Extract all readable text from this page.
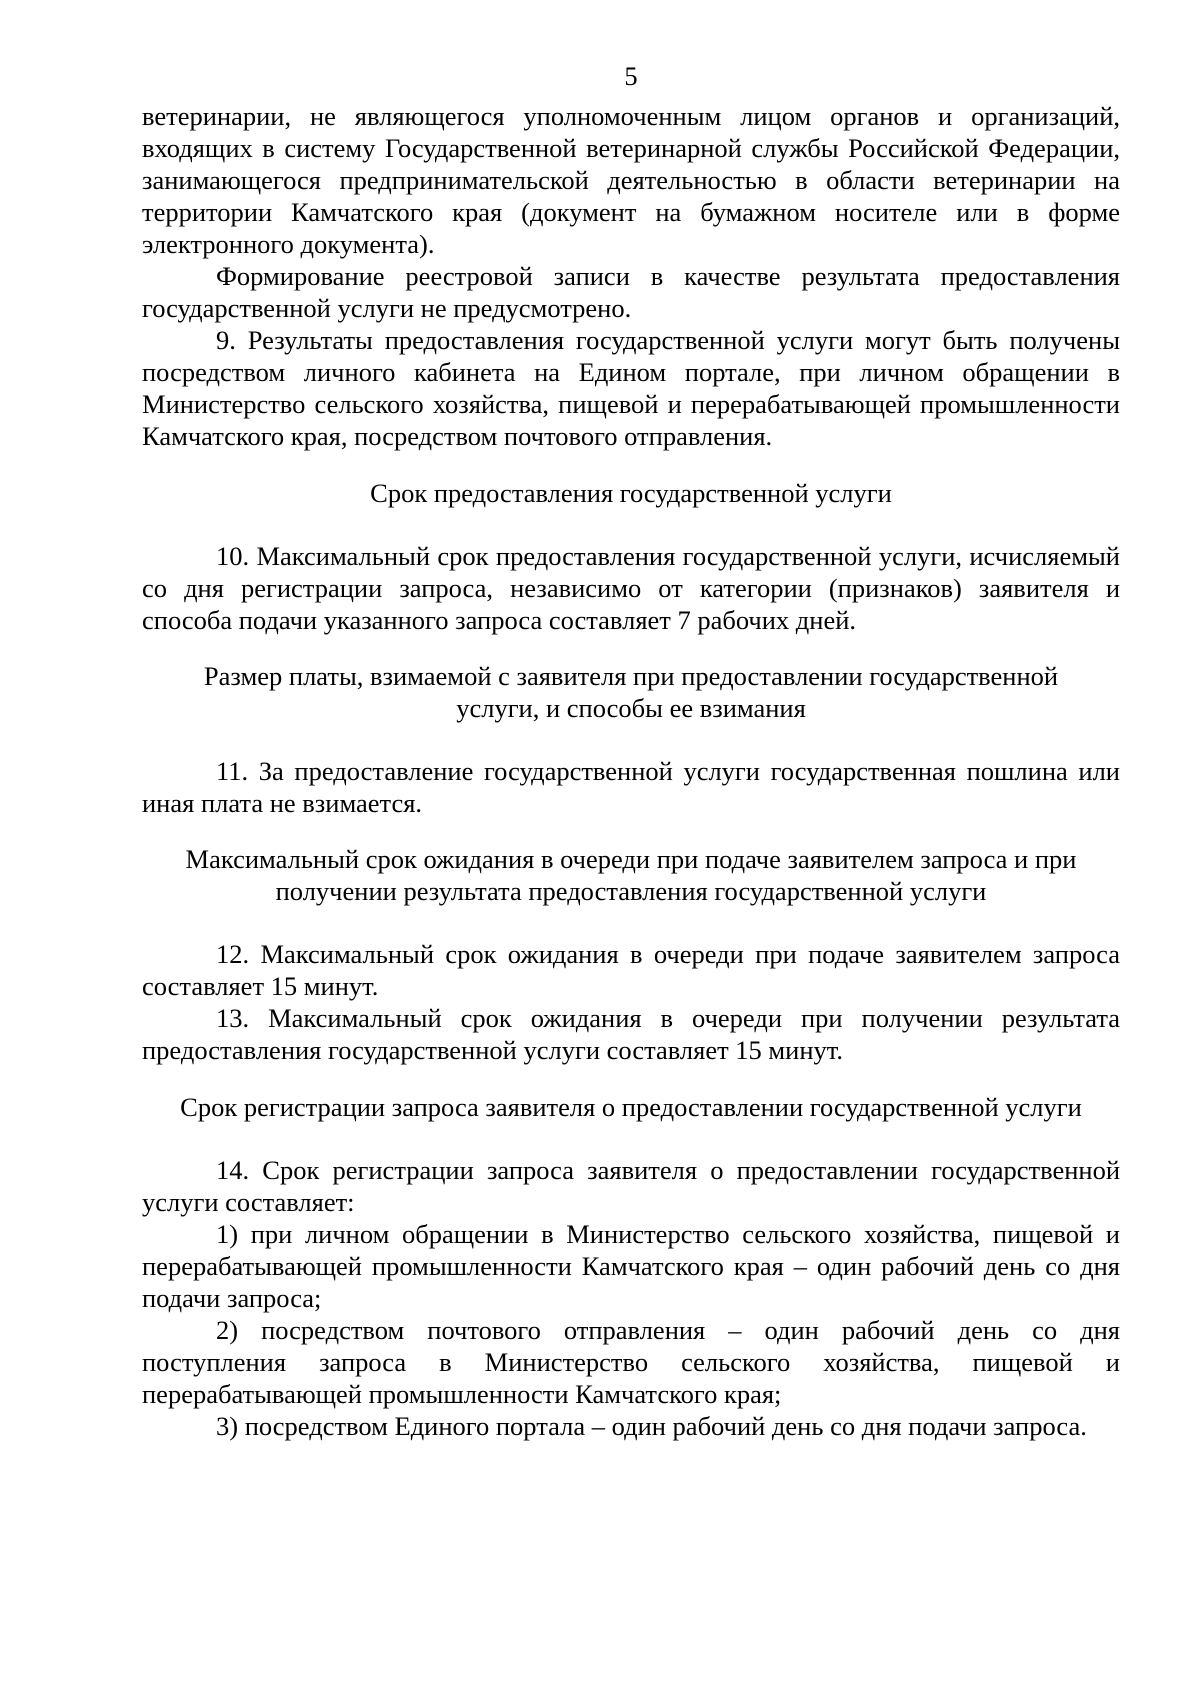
5

ветеринарии, не являющегося уполномоченным лицом органов и организаций, входящих в систему Государственной ветеринарной службы Российской Федерации, занимающегося предпринимательской деятельностью в области ветеринарии на территории Камчатского края (документ на бумажном носителе или в форме электронного документа).

Формирование реестровой записи в качестве результата предоставления государственной услуги не предусмотрено.

9. Результаты предоставления государственной услуги могут быть получены посредством личного кабинета на Едином портале, при личном обращении в Министерство сельского хозяйства, пищевой и перерабатывающей промышленности Камчатского края, посредством почтового отправления.

Срок предоставления государственной услуги

10. Максимальный срок предоставления государственной услуги, исчисляемый со дня регистрации запроса, независимо от категории (признаков) заявителя и способа подачи указанного запроса составляет 7 рабочих дней.

Размер платы, взимаемой с заявителя при предоставлении государственной услуги, и способы ее взимания

11. За предоставление государственной услуги государственная пошлина или иная плата не взимается.

Максимальный срок ожидания в очереди при подаче заявителем запроса и при получении результата предоставления государственной услуги

12. Максимальный срок ожидания в очереди при подаче заявителем запроса составляет 15 минут.

13. Максимальный срок ожидания в очереди при получении результата предоставления государственной услуги составляет 15 минут.

Срок регистрации запроса заявителя о предоставлении государственной услуги

14. Срок регистрации запроса заявителя о предоставлении государственной услуги составляет:

1) при личном обращении в Министерство сельского хозяйства, пищевой и перерабатывающей промышленности Камчатского края – один рабочий день со дня подачи запроса;

2) посредством почтового отправления – один рабочий день со дня поступления запроса в Министерство сельского хозяйства, пищевой и перерабатывающей промышленности Камчатского края;

3) посредством Единого портала – один рабочий день со дня подачи запроса.
